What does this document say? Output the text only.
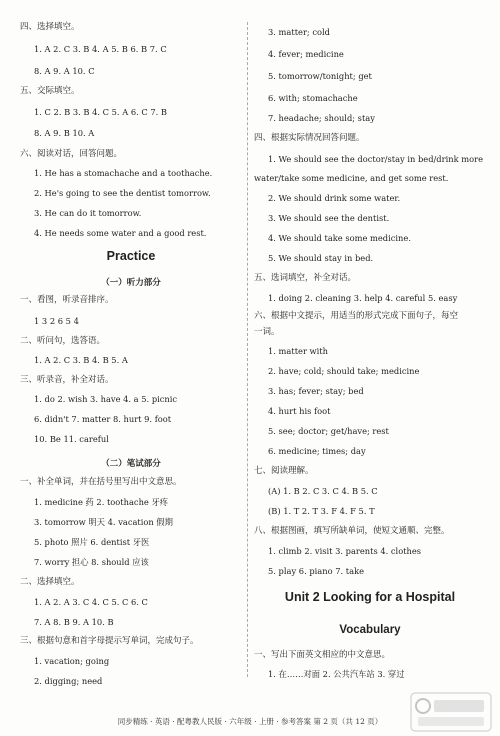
四、选择填空。
1. A 2. C 3. B 4. A 5. B 6. B 7. C
8. A 9. A 10. C
五、交际填空。
1. C 2. B 3. B 4. C 5. A 6. C 7. B
8. A 9. B 10. A
六、阅读对话，回答问题。
1. He has a stomachache and a toothache.
2. He's going to see the dentist tomorrow.
3. He can do it tomorrow.
4. He needs some water and a good rest.
Practice
（一）听力部分
一、看图，听录音排序。
1 3 2 6 5 4
二、听问句，选答语。
1. A 2. C 3. B 4. B 5. A
三、听录音，补全对话。
1. do 2. wish 3. have 4. a 5. picnic
6. didn't 7. matter 8. hurt 9. foot
10. Be 11. careful
（二）笔试部分
一、补全单词，并在括号里写出中文意思。
1. medicine 药 2. toothache 牙疼
3. tomorrow 明天 4. vacation 假期
5. photo 照片 6. dentist 牙医
7. worry 担心 8. should 应该
二、选择填空。
1. A 2. A 3. C 4. C 5. C 6. C
7. A 8. B 9. A 10. B
三、根据句意和首字母提示写单词，完成句子。
1. vacation; going
2. digging; need
3. matter; cold
4. fever; medicine
5. tomorrow/tonight; get
6. with; stomachache
7. headache; should; stay
四、根据实际情况回答问题。
1. We should see the doctor/stay in bed/drink more
water/take some medicine, and get some rest.
2. We should drink some water.
3. We should see the dentist.
4. We should take some medicine.
5. We should stay in bed.
五、选词填空，补全对话。
1. doing 2. cleaning 3. help 4. careful 5. easy
六、根据中文提示，用适当的形式完成下面句子，每空
一词。
1. matter with
2. have; cold; should take; medicine
3. has; fever; stay; bed
4. hurt his foot
5. see; doctor; get/have; rest
6. medicine; times; day
七、阅读理解。
(A) 1. B 2. C 3. C 4. B 5. C
(B) 1. T 2. T 3. F 4. F 5. T
八、根据图画，填写所缺单词，使短文通顺、完整。
1. climb 2. visit 3. parents 4. clothes
5. play 6. piano 7. take
Unit 2 Looking for a Hospital
Vocabulary
一、写出下面英文相应的中文意思。
1. 在……对面 2. 公共汽车站 3. 穿过
同步精练 · 英语 · 配粤教人民版 · 六年级 · 上册 · 参考答案 第 2 页（共 12 页）
